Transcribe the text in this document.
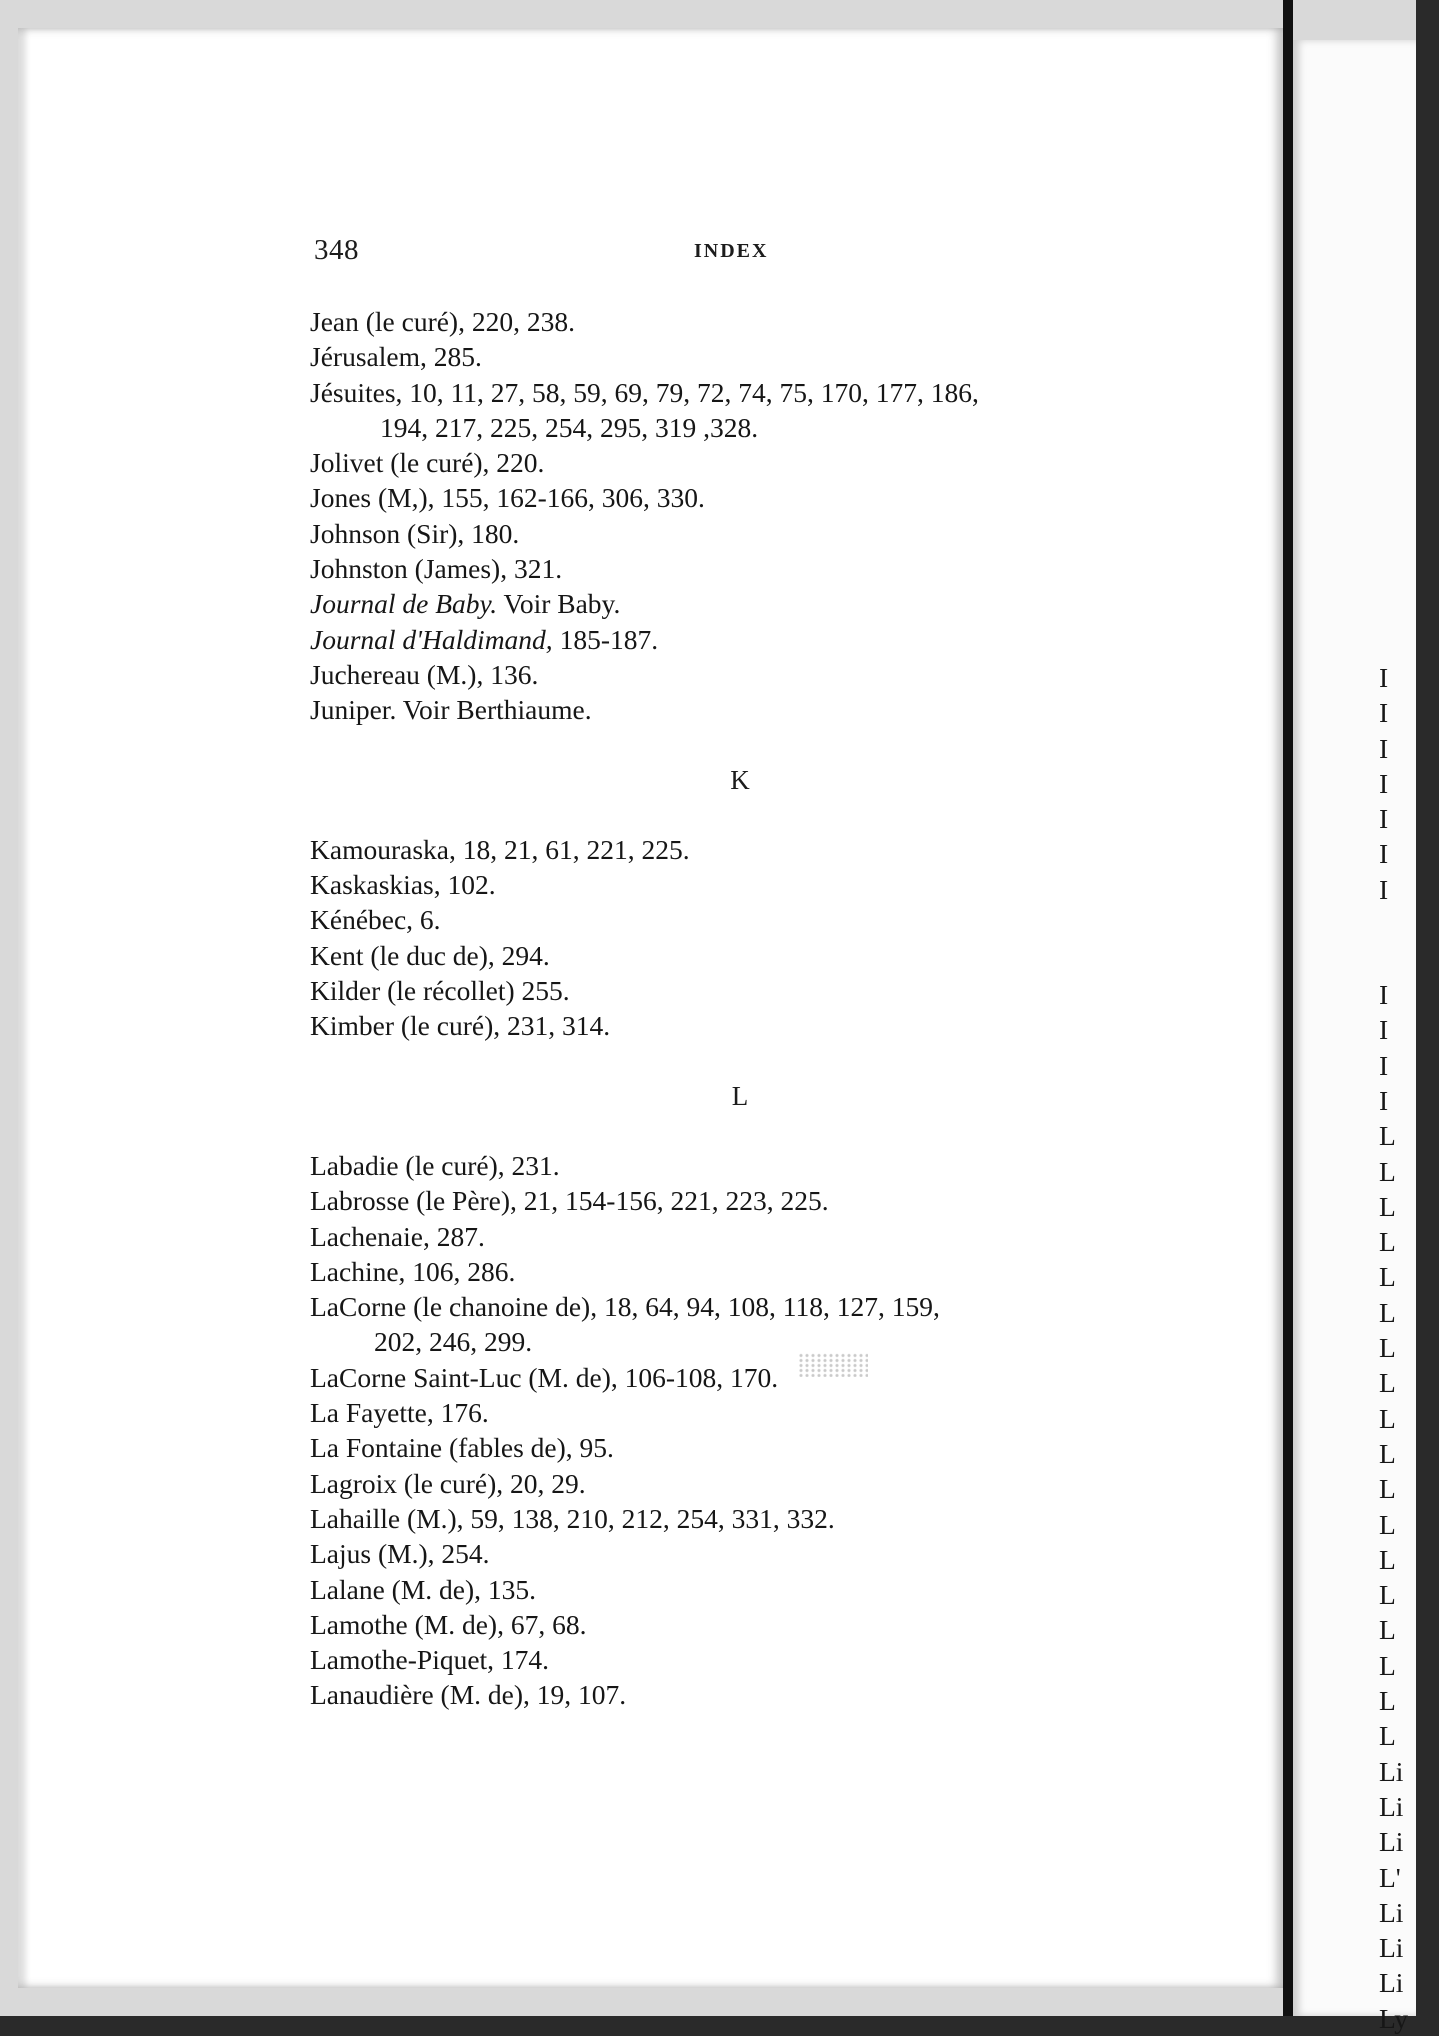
348	INDEX
Jean (le curé), 220, 238.
Jérusalem, 285.
Jésuites, 10, 11, 27, 58, 59, 69, 79, 72, 74, 75, 170, 177, 186,
194, 217, 225, 254, 295, 319 ,328.
Jolivet (le curé), 220.
Jones (M,), 155, 162-166, 306, 330.
Johnson (Sir), 180.
Johnston (James), 321.
Journal de Baby. Voir Baby.
Journal d'Haldimand, 185-187.
Juchereau (M.), 136.
Juniper. Voir Berthiaume.
K
Kamouraska, 18, 21, 61, 221, 225.
Kaskaskias, 102.
Kénébec, 6.
Kent (le duc de), 294.
Kilder (le récollet) 255.
Kimber (le curé), 231, 314.
L
Labadie (le curé), 231.
Labrosse (le Père), 21, 154-156, 221, 223, 225.
Lachenaie, 287.
Lachine, 106, 286.
LaCorne (le chanoine de), 18, 64, 94, 108, 118, 127, 159,
202, 246, 299.
LaCorne Saint-Luc (M. de), 106-108, 170.
La Fayette, 176.
La Fontaine (fables de), 95.
Lagroix (le curé), 20, 29.
Lahaille (M.), 59, 138, 210, 212, 254, 331, 332.
Lajus (M.), 254.
Lalane (M. de), 135.
Lamothe (M. de), 67, 68.
Lamothe-Piquet, 174.
Lanaudière (M. de), 19, 107.
I
I
I
I
I
I
I
I
I
I
I
L
L
L
L
L
L
L
L
L
L
L
L
L
L
L
L
L
L
Li
Li
Li
L'
Li
Li
Li
Ly
